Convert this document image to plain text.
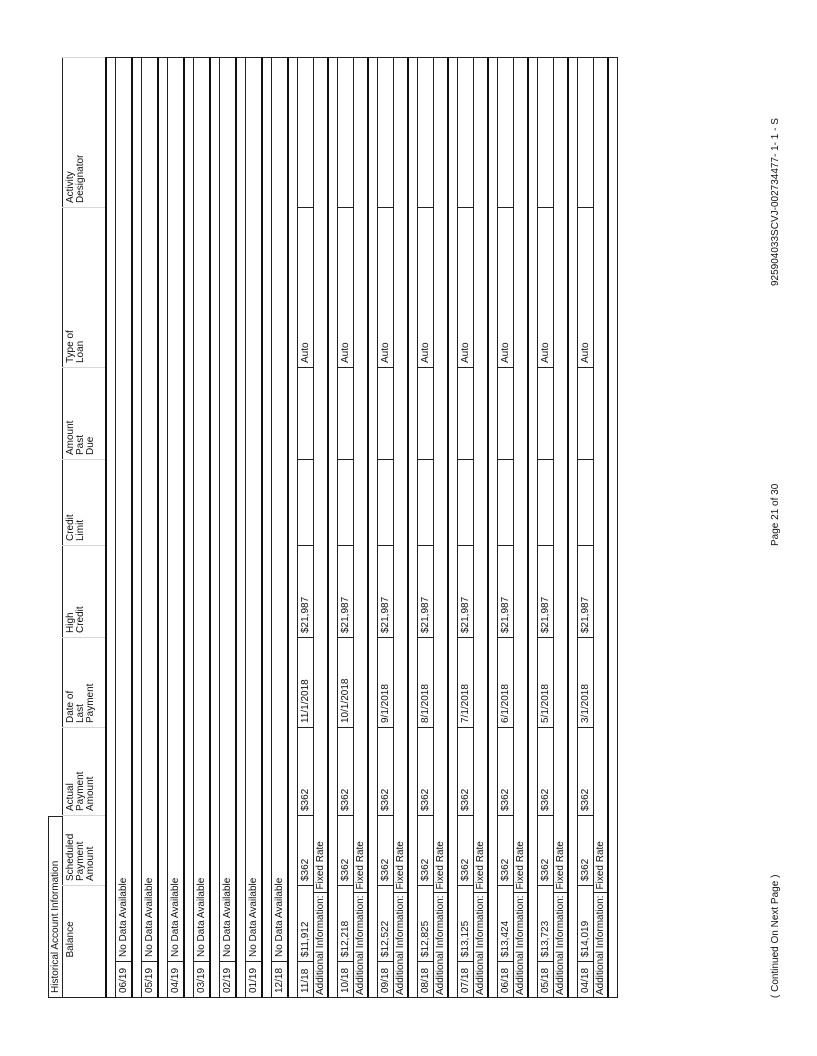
Historical Account Information
	Balance	Scheduled Payment Amount	Actual Payment Amount	Date of Last Payment	High Credit	Credit Limit	Amount Past Due	Type of Loan	Activity Designator

06/19	No Data Available								

05/19	No Data Available								

04/19	No Data Available								

03/19	No Data Available								

02/19	No Data Available								

01/19	No Data Available								

12/18	No Data Available								

11/18	$11,912	$362	$362	11/1/2018	$21,987			Auto	
Additional Information:Fixed Rate									

10/18	$12,218	$362	$362	10/1/2018	$21,987			Auto	
Additional Information:Fixed Rate									

09/18	$12,522	$362	$362	9/1/2018	$21,987			Auto	
Additional Information:Fixed Rate									

08/18	$12,825	$362	$362	8/1/2018	$21,987			Auto	
Additional Information:Fixed Rate									

07/18	$13,125	$362	$362	7/1/2018	$21,987			Auto	
Additional Information:Fixed Rate									

06/18	$13,424	$362	$362	6/1/2018	$21,987			Auto	
Additional Information:Fixed Rate									

05/18	$13,723	$362	$362	5/1/2018	$21,987			Auto	
Additional Information:Fixed Rate									

04/18	$14,019	$362	$362	3/1/2018	$21,987			Auto	
Additional Information:Fixed Rate									

( Continued On Next Page )
Page 21 of 30
925904033SCVJ-002734477- 1- 1 - S
